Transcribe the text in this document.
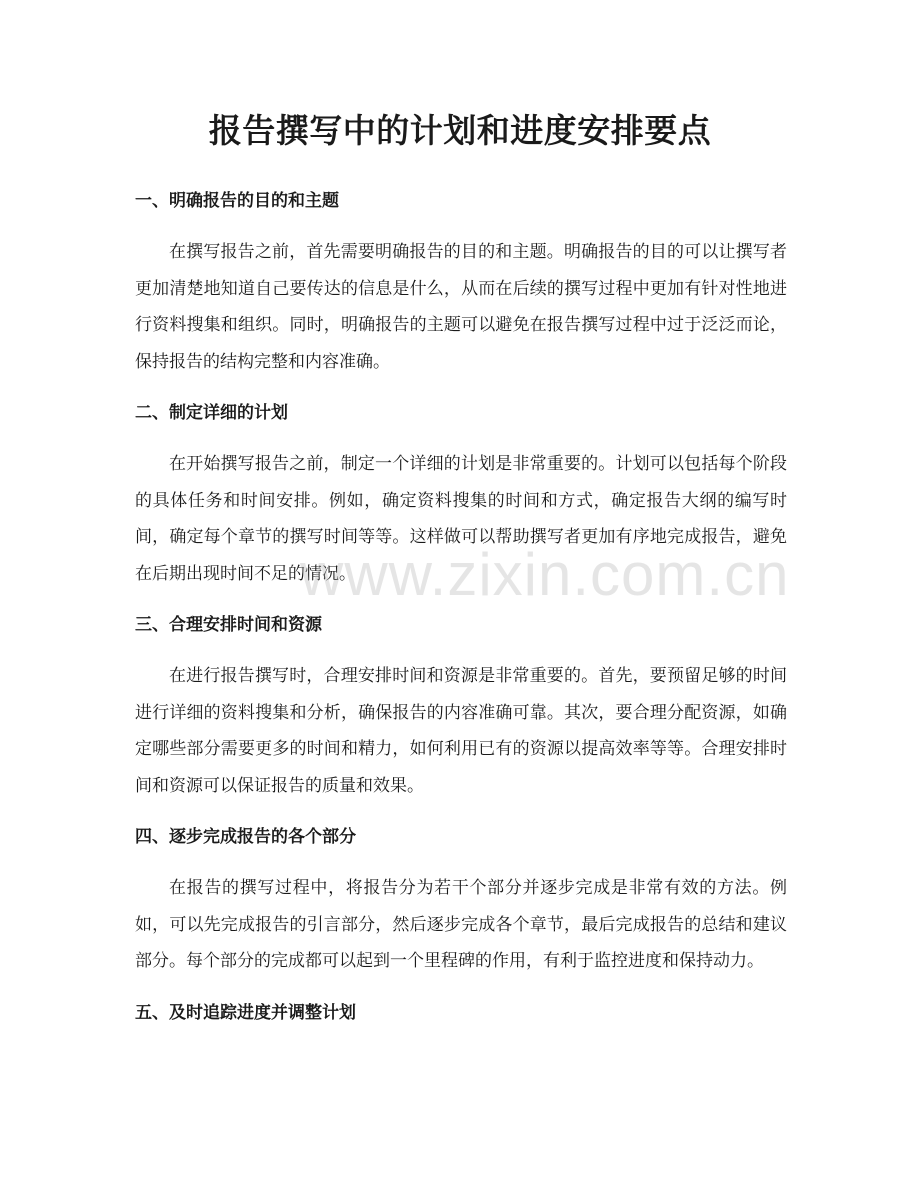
报告撰写中的计划和进度安排要点
一、明确报告的目的和主题

在撰写报告之前，首先需要明确报告的目的和主题。明确报告的目的可以让撰写者更加清楚地知道自己要传达的信息是什么，从而在后续的撰写过程中更加有针对性地进行资料搜集和组织。同时，明确报告的主题可以避免在报告撰写过程中过于泛泛而论，保持报告的结构完整和内容准确。

二、制定详细的计划

在开始撰写报告之前，制定一个详细的计划是非常重要的。计划可以包括每个阶段的具体任务和时间安排。例如，确定资料搜集的时间和方式，确定报告大纲的编写时间，确定每个章节的撰写时间等等。这样做可以帮助撰写者更加有序地完成报告，避免在后期出现时间不足的情况。

三、合理安排时间和资源

在进行报告撰写时，合理安排时间和资源是非常重要的。首先，要预留足够的时间进行详细的资料搜集和分析，确保报告的内容准确可靠。其次，要合理分配资源，如确定哪些部分需要更多的时间和精力，如何利用已有的资源以提高效率等等。合理安排时间和资源可以保证报告的质量和效果。

四、逐步完成报告的各个部分

在报告的撰写过程中，将报告分为若干个部分并逐步完成是非常有效的方法。例如，可以先完成报告的引言部分，然后逐步完成各个章节，最后完成报告的总结和建议部分。每个部分的完成都可以起到一个里程碑的作用，有利于监控进度和保持动力。

五、及时追踪进度并调整计划
www.zixin.com.cn
